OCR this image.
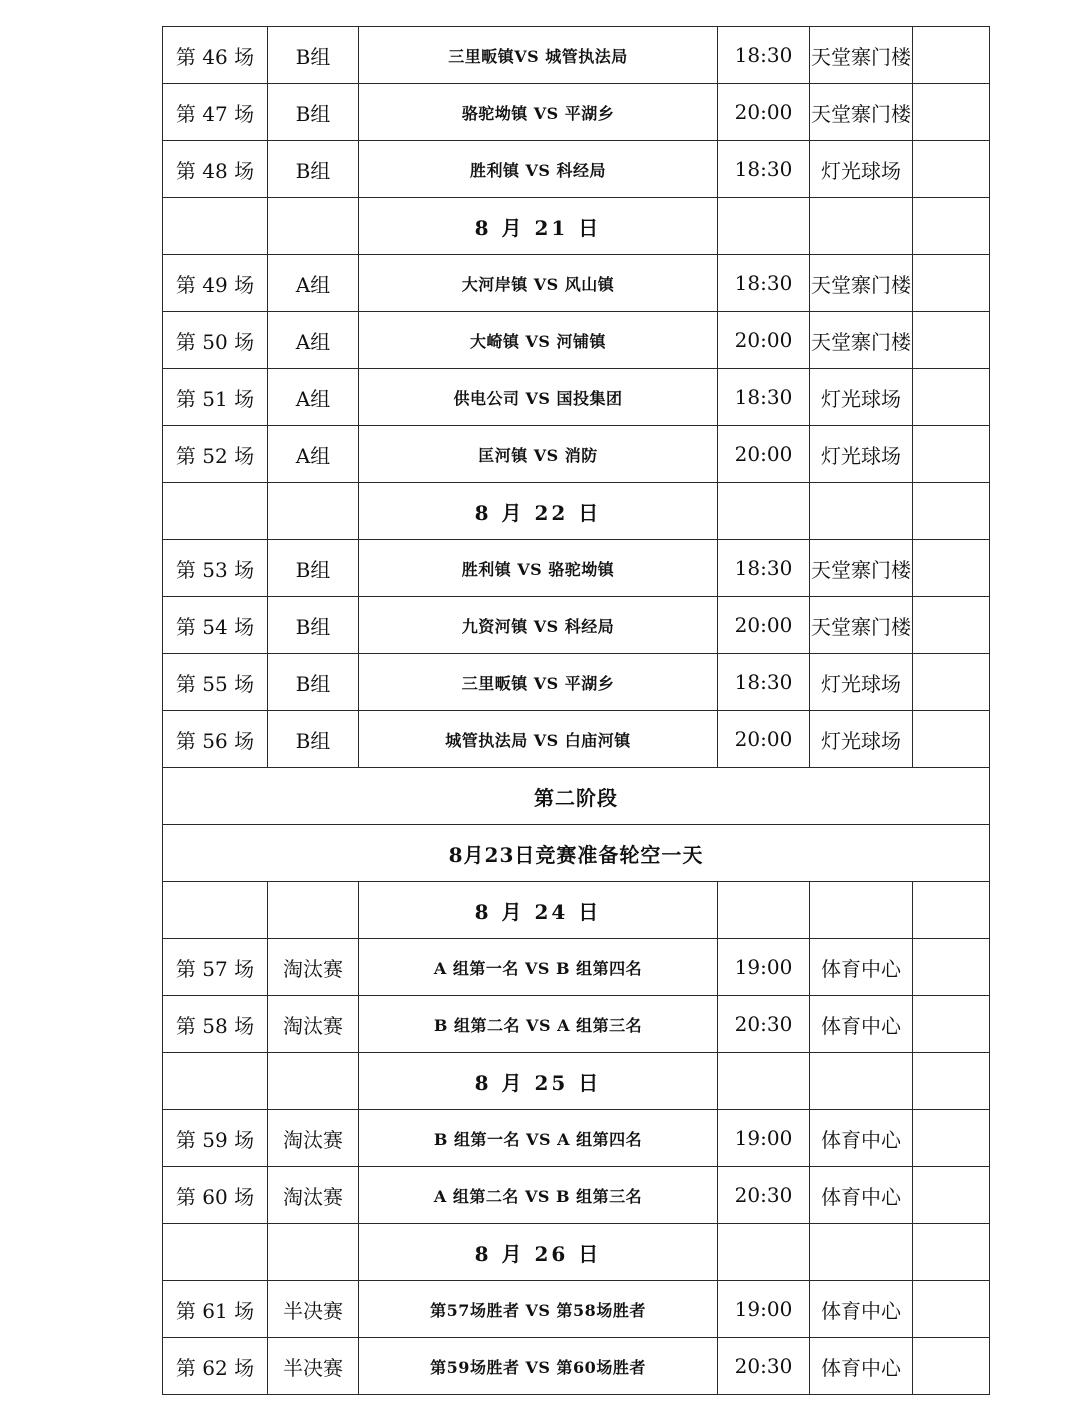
第 46 场	B组	三里畈镇VS 城管执法局	18:30	天堂寨门楼	
第 47 场	B组	骆驼坳镇 VS 平湖乡	20:00	天堂寨门楼	
第 48 场	B组	胜利镇 VS 科经局	18:30	灯光球场	
		8 月 21 日			
第 49 场	A组	大河岸镇 VS 风山镇	18:30	天堂寨门楼	
第 50 场	A组	大崎镇 VS 河铺镇	20:00	天堂寨门楼	
第 51 场	A组	供电公司 VS 国投集团	18:30	灯光球场	
第 52 场	A组	匡河镇 VS 消防	20:00	灯光球场	
		8 月 22 日			
第 53 场	B组	胜利镇 VS 骆驼坳镇	18:30	天堂寨门楼	
第 54 场	B组	九资河镇 VS 科经局	20:00	天堂寨门楼	
第 55 场	B组	三里畈镇 VS 平湖乡	18:30	灯光球场	
第 56 场	B组	城管执法局 VS 白庙河镇	20:00	灯光球场	
第二阶段					
8月23日竞赛准备轮空一天					
		8 月 24 日			
第 57 场	淘汰赛	A 组第一名 VS B 组第四名	19:00	体育中心	
第 58 场	淘汰赛	B 组第二名 VS A 组第三名	20:30	体育中心	
		8 月 25 日			
第 59 场	淘汰赛	B 组第一名 VS A 组第四名	19:00	体育中心	
第 60 场	淘汰赛	A 组第二名 VS B 组第三名	20:30	体育中心	
		8 月 26 日			
第 61 场	半决赛	第57场胜者 VS 第58场胜者	19:00	体育中心	
第 62 场	半决赛	第59场胜者 VS 第60场胜者	20:30	体育中心	
